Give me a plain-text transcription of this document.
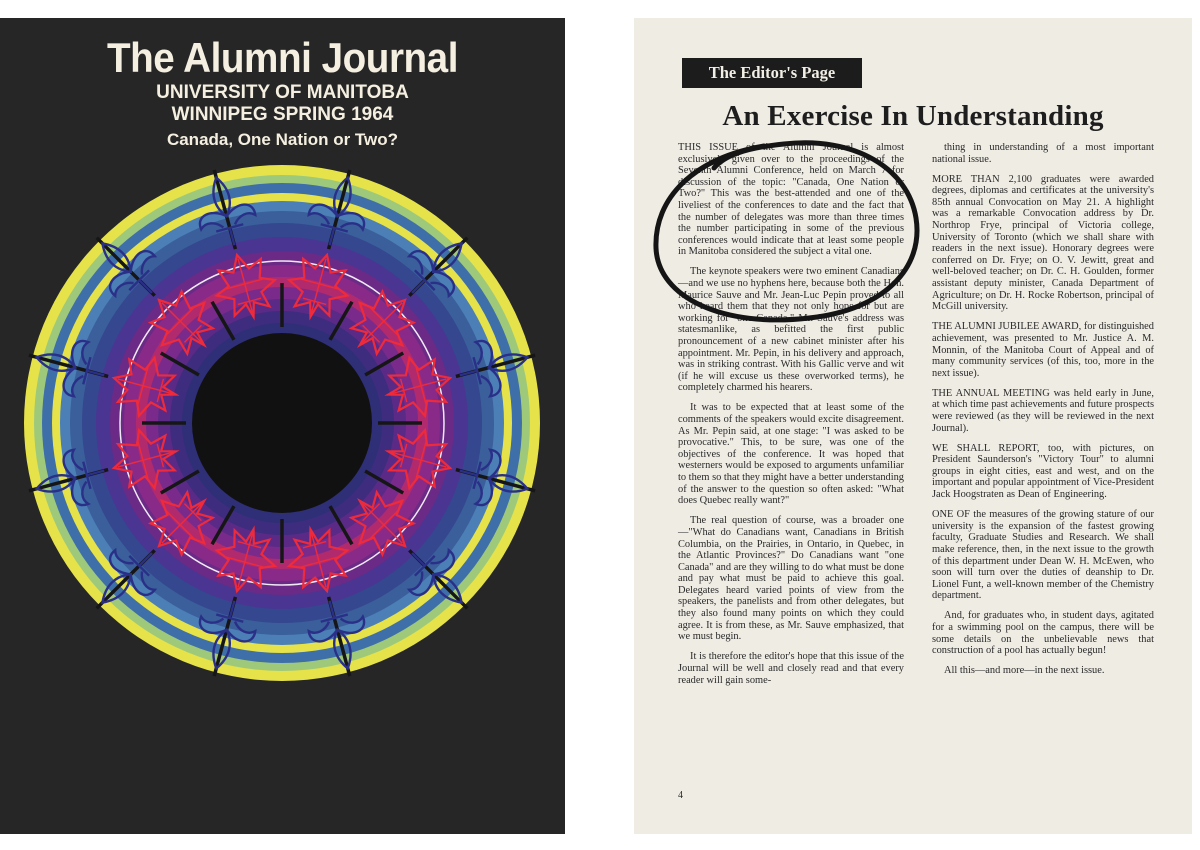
The Alumni Journal
UNIVERSITY OF MANITOBA
WINNIPEG SPRING 1964
Canada, One Nation or Two?
The Editor's Page
An Exercise In Understanding

THIS ISSUE of the Alumni Journal is almost exclusively given over to the proceedings of the Seventh Alumni Conference, held on March 7 for discussion of the topic: "Canada, One Nation or Two?" This was the best-attended and one of the liveliest of the conferences to date and the fact that the number of delegates was more than three times the number participating in some of the previous conferences would indicate that at least some people in Manitoba considered the subject a vital one.

The keynote speakers were two eminent Canadians—and we use no hyphens here, because both the Hon. Maurice Sauve and Mr. Jean-Luc Pepin proved to all who heard them that they not only hope for but are working for "one Canada." Mr. Sauve's address was statesmanlike, as befitted the first public pronouncement of a new cabinet minister after his appointment. Mr. Pepin, in his delivery and approach, was in striking contrast. With his Gallic verve and wit (if he will excuse us these overworked terms), he completely charmed his hearers.

It was to be expected that at least some of the comments of the speakers would excite disagreement. As Mr. Pepin said, at one stage: "I was asked to be provocative." This, to be sure, was one of the objectives of the conference. It was hoped that westerners would be exposed to arguments unfamiliar to them so that they might have a better understanding of the answer to the question so often asked: "What does Quebec really want?"

The real question of course, was a broader one—"What do Canadians want, Canadians in British Columbia, on the Prairies, in Ontario, in Quebec, in the Atlantic Provinces?" Do Canadians want "one Canada" and are they willing to do what must be done and pay what must be paid to achieve this goal. Delegates heard varied points of view from the speakers, the panelists and from other delegates, but they also found many points on which they could agree. It is from these, as Mr. Sauve emphasized, that we must begin.

It is therefore the editor's hope that this issue of the Journal will be well and closely read and that every reader will gain some-

thing in understanding of a most important national issue.

MORE THAN 2,100 graduates were awarded degrees, diplomas and certificates at the university's 85th annual Convocation on May 21. A highlight was a remarkable Convocation address by Dr. Northrop Frye, principal of Victoria college, University of Toronto (which we shall share with readers in the next issue). Honorary degrees were conferred on Dr. Frye; on O. V. Jewitt, great and well-beloved teacher; on Dr. C. H. Goulden, former assistant deputy minister, Canada Department of Agriculture; on Dr. H. Rocke Robertson, principal of McGill university.

THE ALUMNI JUBILEE AWARD, for distinguished achievement, was presented to Mr. Justice A. M. Monnin, of the Manitoba Court of Appeal and of many community services (of this, too, more in the next issue).

THE ANNUAL MEETING was held early in June, at which time past achievements and future prospects were reviewed (as they will be reviewed in the next Journal).

WE SHALL REPORT, too, with pictures, on President Saunderson's "Victory Tour" to alumni groups in eight cities, east and west, and on the important and popular appointment of Vice-President Jack Hoogstraten as Dean of Engineering.

ONE OF the measures of the growing stature of our university is the expansion of the fastest growing faculty, Graduate Studies and Research. We shall make reference, then, in the next issue to the growth of this department under Dean W. H. McEwen, who soon will turn over the duties of deanship to Dr. Lionel Funt, a well-known member of the Chemistry department.

And, for graduates who, in student days, agitated for a swimming pool on the campus, there will be some details on the unbelievable news that construction of a pool has actually begun!

All this—and more—in the next issue.

4
